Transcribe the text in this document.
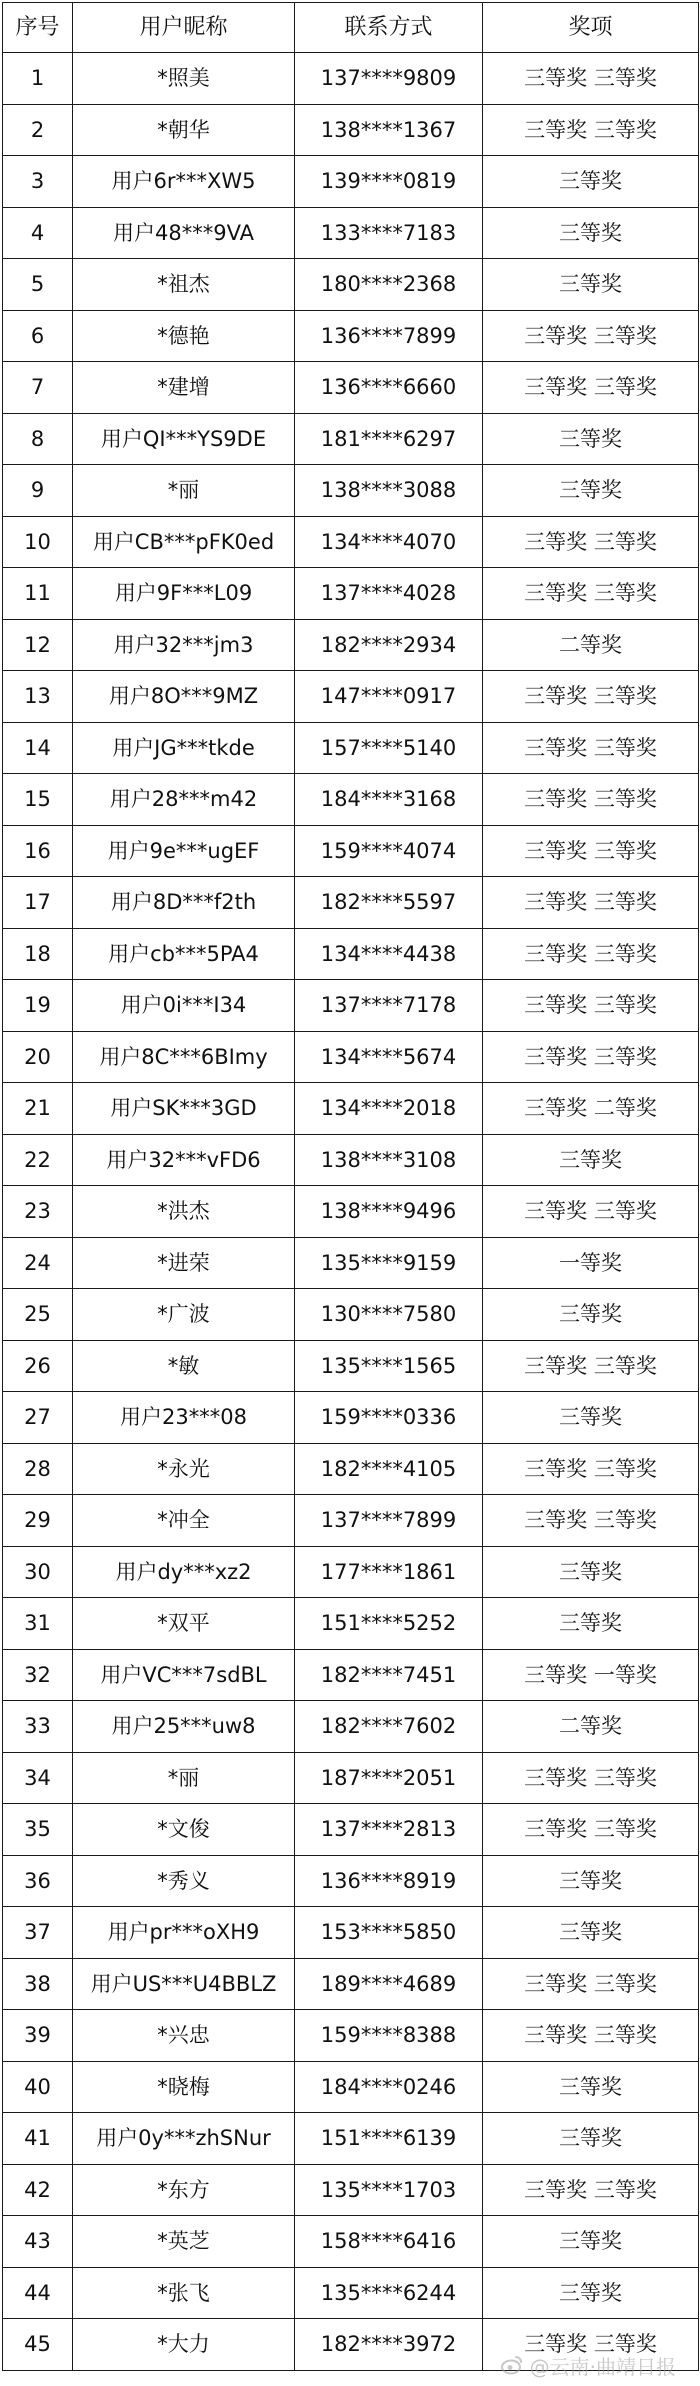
序号	用户昵称	联系方式	奖项
1	*照美	137****9809	三等奖 三等奖
2	*朝华	138****1367	三等奖 三等奖
3	用户6r***XW5	139****0819	三等奖
4	用户48***9VA	133****7183	三等奖
5	*祖杰	180****2368	三等奖
6	*德艳	136****7899	三等奖 三等奖
7	*建增	136****6660	三等奖 三等奖
8	用户QI***YS9DE	181****6297	三等奖
9	*丽	138****3088	三等奖
10	用户CB***pFK0ed	134****4070	三等奖 三等奖
11	用户9F***L09	137****4028	三等奖 三等奖
12	用户32***jm3	182****2934	二等奖
13	用户8O***9MZ	147****0917	三等奖 三等奖
14	用户JG***tkde	157****5140	三等奖 三等奖
15	用户28***m42	184****3168	三等奖 三等奖
16	用户9e***ugEF	159****4074	三等奖 三等奖
17	用户8D***f2th	182****5597	三等奖 三等奖
18	用户cb***5PA4	134****4438	三等奖 三等奖
19	用户0i***I34	137****7178	三等奖 三等奖
20	用户8C***6BImy	134****5674	三等奖 三等奖
21	用户SK***3GD	134****2018	三等奖 二等奖
22	用户32***vFD6	138****3108	三等奖
23	*洪杰	138****9496	三等奖 三等奖
24	*进荣	135****9159	一等奖
25	*广波	130****7580	三等奖
26	*敏	135****1565	三等奖 三等奖
27	用户23***08	159****0336	三等奖
28	*永光	182****4105	三等奖 三等奖
29	*冲全	137****7899	三等奖 三等奖
30	用户dy***xz2	177****1861	三等奖
31	*双平	151****5252	三等奖
32	用户VC***7sdBL	182****7451	三等奖 一等奖
33	用户25***uw8	182****7602	二等奖
34	*丽	187****2051	三等奖 三等奖
35	*文俊	137****2813	三等奖 三等奖
36	*秀义	136****8919	三等奖
37	用户pr***oXH9	153****5850	三等奖
38	用户US***U4BBLZ	189****4689	三等奖 三等奖
39	*兴忠	159****8388	三等奖 三等奖
40	*晓梅	184****0246	三等奖
41	用户0y***zhSNur	151****6139	三等奖
42	*东方	135****1703	三等奖 三等奖
43	*英芝	158****6416	三等奖
44	*张飞	135****6244	三等奖
45	*大力	182****3972	三等奖 三等奖
@云南·曲靖日报
